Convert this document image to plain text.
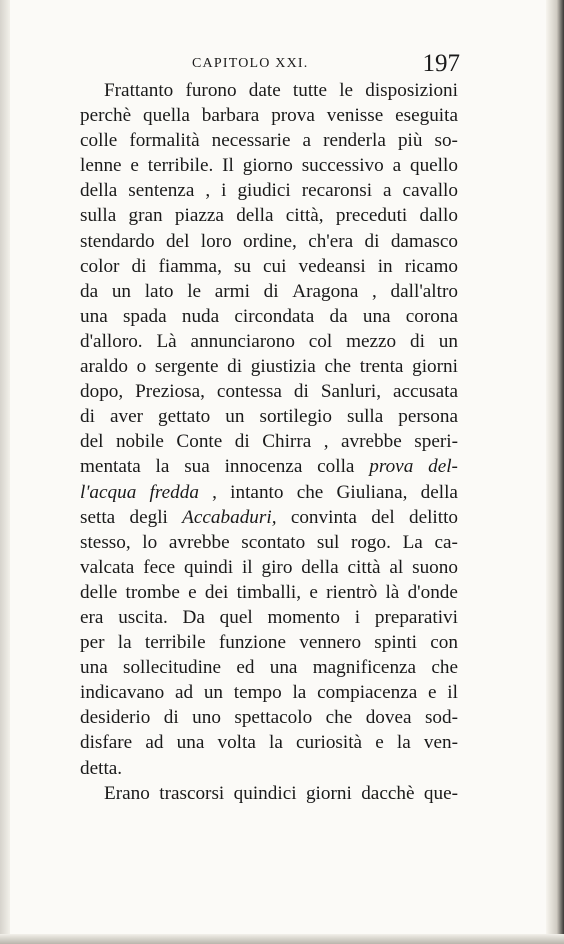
CAPITOLO XXI.	197
Frattanto furono date tutte le disposizioni
perchè quella barbara prova venisse eseguita
colle formalità necessarie a renderla più so-
lenne e terribile. Il giorno successivo a quello
della sentenza , i giudici recaronsi a cavallo
sulla gran piazza della città, preceduti dallo
stendardo del loro ordine, ch'era di damasco
color di fiamma, su cui vedeansi in ricamo
da un lato le armi di Aragona , dall'altro
una spada nuda circondata da una corona
d'alloro. Là annunciarono col mezzo di un
araldo o sergente di giustizia che trenta giorni
dopo, Preziosa, contessa di Sanluri, accusata
di aver gettato un sortilegio sulla persona
del nobile Conte di Chirra , avrebbe speri-
mentata la sua innocenza colla prova del-
l'acqua fredda , intanto che Giuliana, della
setta degli Accabaduri, convinta del delitto
stesso, lo avrebbe scontato sul rogo. La ca-
valcata fece quindi il giro della città al suono
delle trombe e dei timballi, e rientrò là d'onde
era uscita. Da quel momento i preparativi
per la terribile funzione vennero spinti con
una sollecitudine ed una magnificenza che
indicavano ad un tempo la compiacenza e il
desiderio di uno spettacolo che dovea sod-
disfare ad una volta la curiosità e la ven-
detta.
Erano trascorsi quindici giorni dacchè que-
